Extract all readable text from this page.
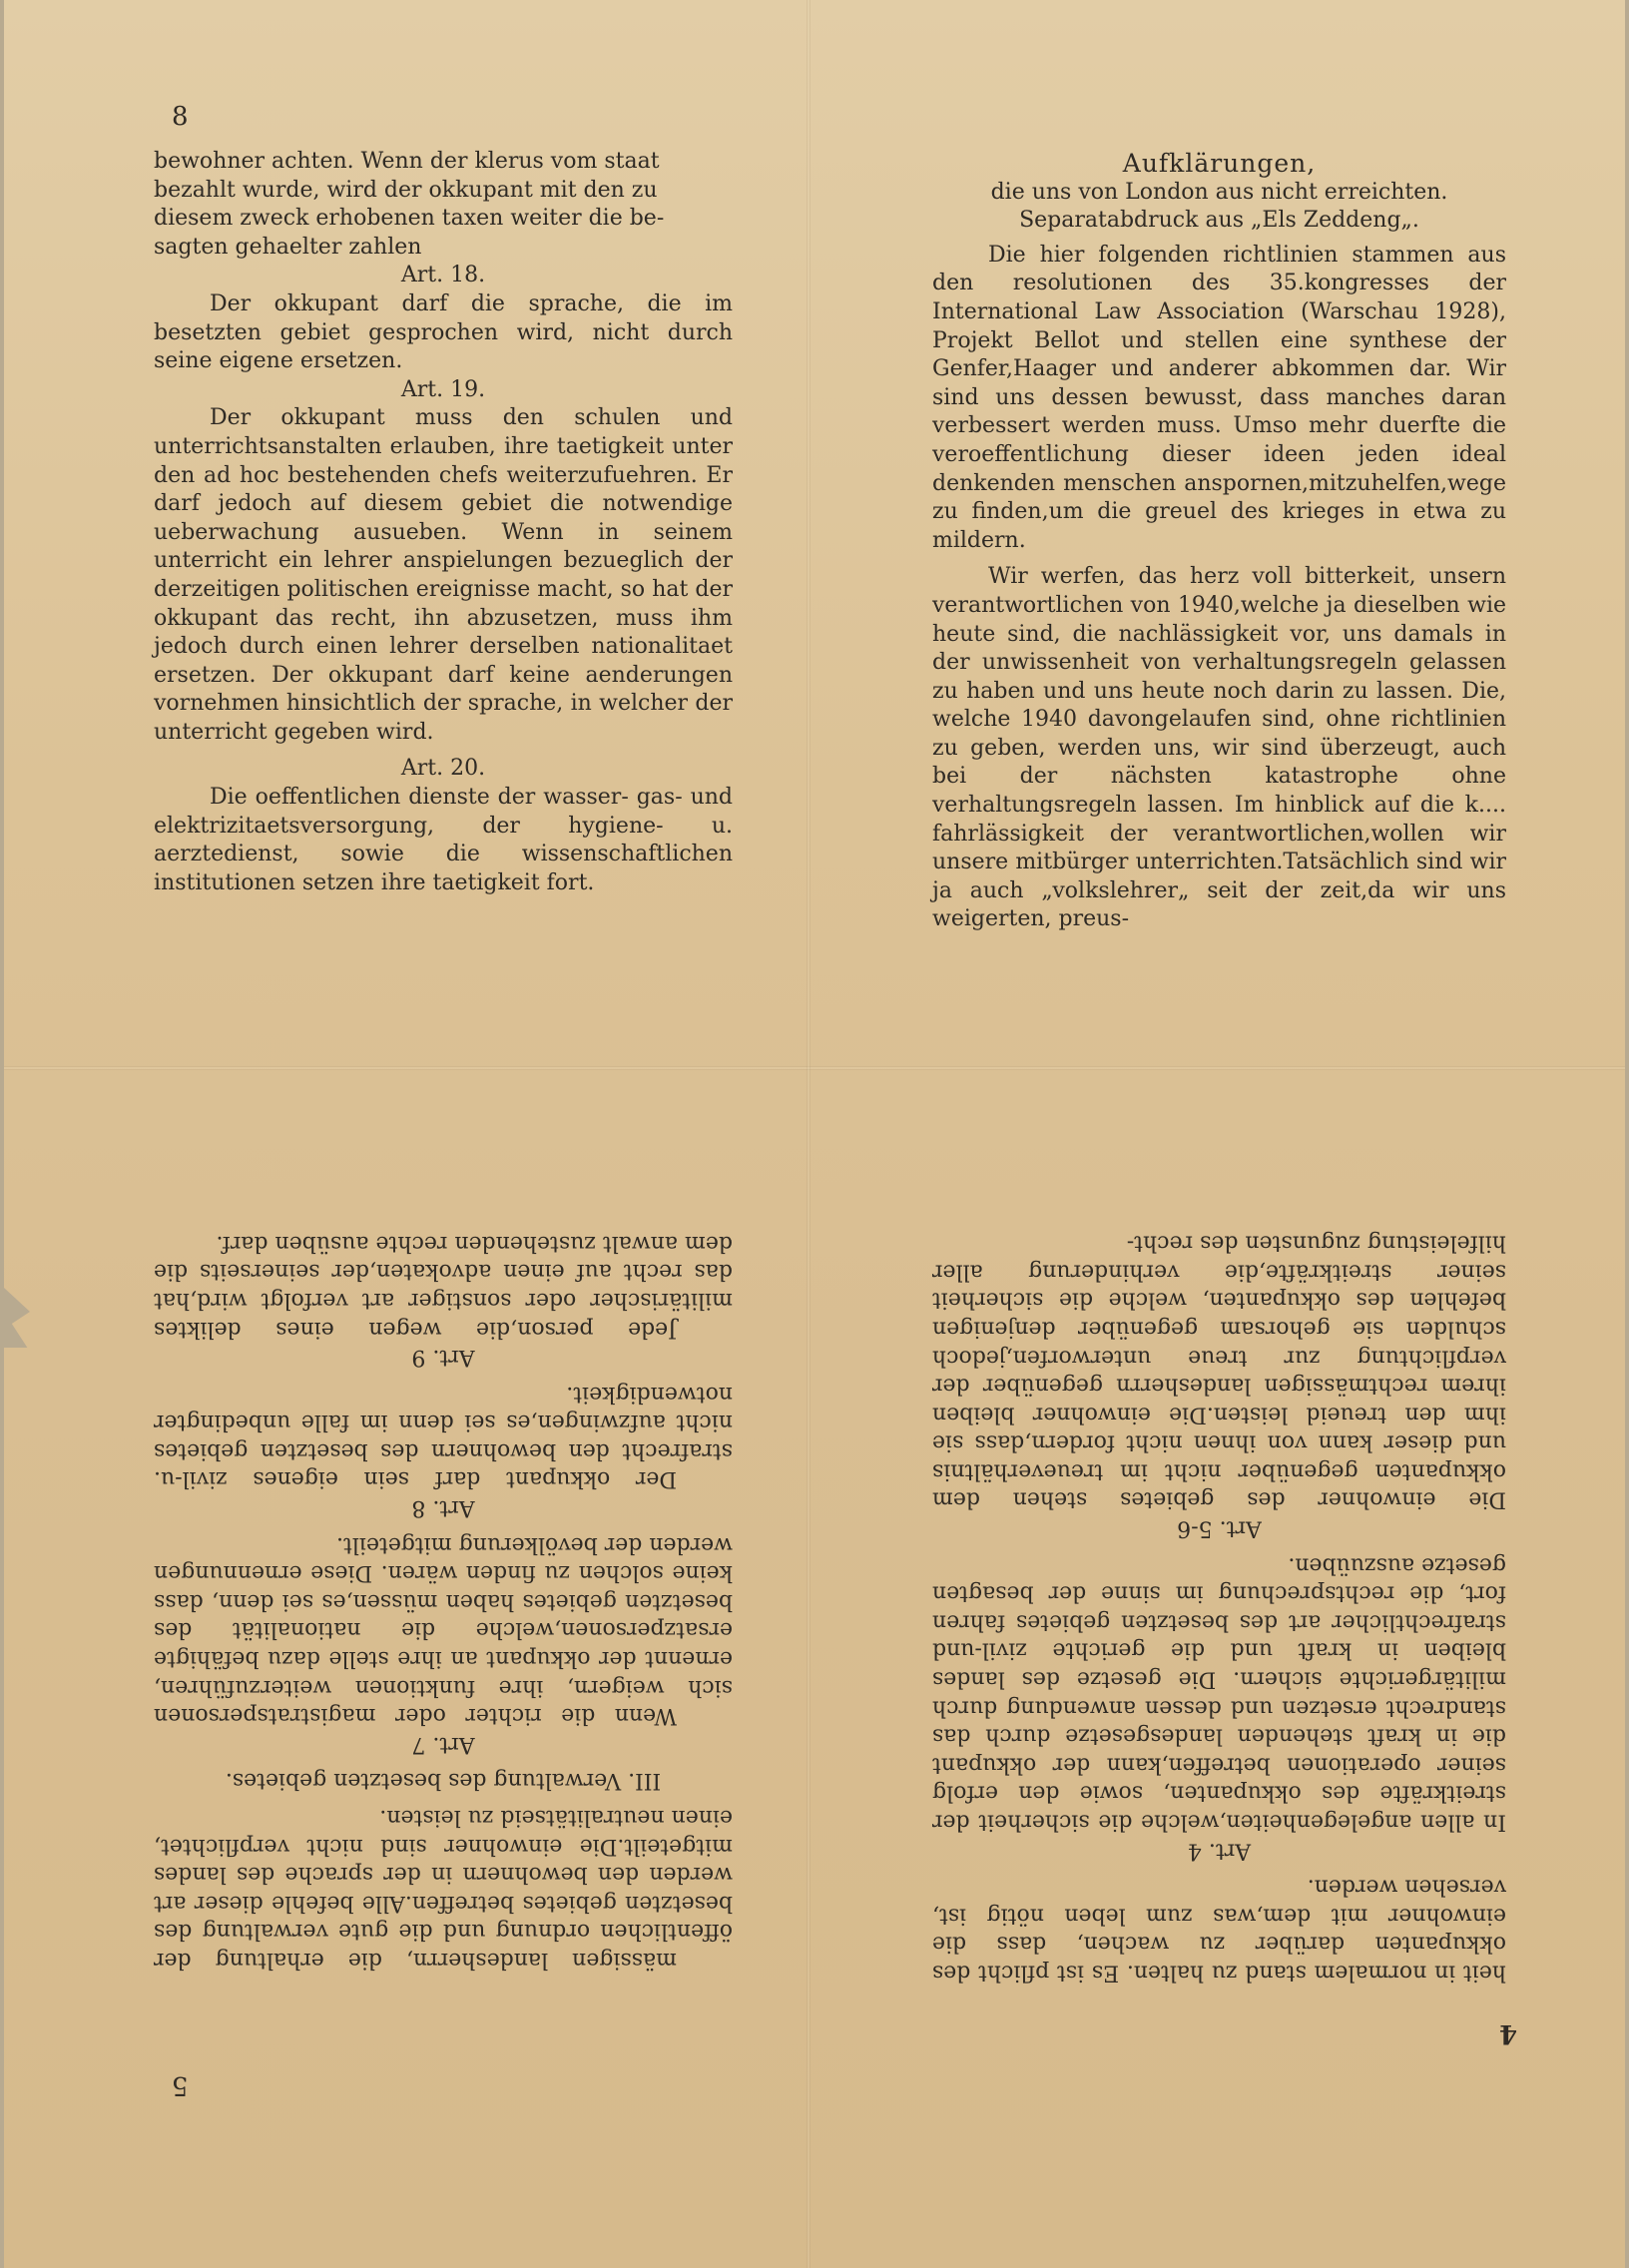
8

bewohner achten. Wenn der klerus vom staat

bezahlt wurde, wird der okkupant mit den zu

diesem zweck erhobenen taxen weiter die be-

sagten gehaelter zahlen

Art. 18.

Der okkupant darf die sprache, die im besetzten gebiet gesprochen wird, nicht durch seine eigene ersetzen.

Art. 19.

Der okkupant muss den schulen und unterrichtsanstalten erlauben, ihre taetigkeit unter den ad hoc bestehenden chefs weiterzufuehren. Er darf jedoch auf diesem gebiet die notwendige ueberwachung ausueben. Wenn in seinem unterricht ein lehrer anspielungen bezueglich der derzeitigen politischen ereignisse macht, so hat der okkupant das recht, ihn abzusetzen, muss ihm jedoch durch einen lehrer derselben nationalitaet ersetzen. Der okkupant darf keine aenderungen vornehmen hinsichtlich der sprache, in welcher der unterricht gegeben wird.

Art. 20.

Die oeffentlichen dienste der wasser- gas- und elektrizitaetsversorgung, der hygiene- u. aerztedienst, sowie die wissenschaftlichen institutionen setzen ihre taetigkeit fort.

Aufklärungen,

die uns von London aus nicht erreichten.

Separatabdruck aus „Els Zeddeng„.

Die hier folgenden richtlinien stammen aus den resolutionen des 35.kongresses der International Law Association (Warschau 1928), Projekt Bellot und stellen eine synthese der Genfer,Haager und anderer abkommen dar. Wir sind uns dessen bewusst, dass manches daran verbessert werden muss. Umso mehr duerfte die veroeffentlichung dieser ideen jeden ideal denkenden menschen anspornen,mitzuhelfen,wege zu finden,um die greuel des krieges in etwa zu mildern.

Wir werfen, das herz voll bitterkeit, unsern verantwortlichen von 1940,welche ja dieselben wie heute sind, die nachlässigkeit vor, uns damals in der unwissenheit von verhaltungsregeln gelassen zu haben und uns heute noch darin zu lassen. Die, welche 1940 davongelaufen sind, ohne richtlinien zu geben, werden uns, wir sind überzeugt, auch bei der nächsten katastrophe ohne verhaltungsregeln lassen. Im hinblick auf die k.... fahrlässigkeit der verantwortlichen,wollen wir unsere mitbürger unterrichten.Tatsächlich sind wir ja auch „volkslehrer„ seit der zeit,da wir uns weigerten, preus-

mässigen landesherrn, die erhaltung der öffentlichen ordnung und die gute verwaltung des besetzten gebietes betreffen.Alle befehle dieser art werden den bewohnern in der sprache des landes mitgeteilt.Die einwohner sind nicht verpflichtet, einen neutralitätseid zu leisten.

III. Verwaltung des besetzten gebietes.

Art. 7

Wenn die richter oder magistratspersonen sich weigern, ihre funktionen weiterzuführen, ernennt der okkupant an ihre stelle dazu befähigte ersatzpersonen,welche die nationalität des besetzten gebietes haben müssen,es sei denn, dass keine solchen zu finden wären. Diese ernennungen werden der bevölkerung mitgeteilt.

Art. 8

Der okkupant darf sein eigenes zivil-u. strafrecht den bewohnern des besetzten gebietes nicht aufzwingen,es sei denn im falle unbedingter notwendigkeit.

Art. 9

Jede person,die wegen eines deliktes militärischer oder sonstiger art verfolgt wird,hat das recht auf einen advokaten,der seinerseits die dem anwalt zustehenden rechte ausüben darf.

5

heit in normalem stand zu halten. Es ist pflicht des okkupanten darüber zu wachen, dass die einwohner mit dem,was zum leben nötig ist, versehen werden.

Art. 4

In allen angelegenheiten,welche die sicherheit der streitkräfte des okkupanten, sowie den erfolg seiner operationen betreffen,kann der okkupant die in kraft stehenden landesgesetze durch das standrecht ersetzen und dessen anwendung durch militärgerichte sichern. Die gesetze des landes bleiben in kraft und die gerichte zivil-und strafrechtlicher art des besetzten gebietes fahren fort, die rechtsprechung im sinne der besagten gesetze auszuüben.

Art. 5-6

Die einwohner des gebietes stehen dem okkupanten gegenüber nicht im treueverhältnis und dieser kann von ihnen nicht fordern,dass sie ihm den treueid leisten.Die einwohner bleiben ihrem rechtmässigen landesherrn gegenüber der verpflichtung zur treue unterworfen,jedoch schulden sie gehorsam gegenüber denjenigen befehlen des okkupanten, welche die sicherheit seiner streitkräfte,die verhinderung aller hilfeleistung zugunsten des recht-

4
